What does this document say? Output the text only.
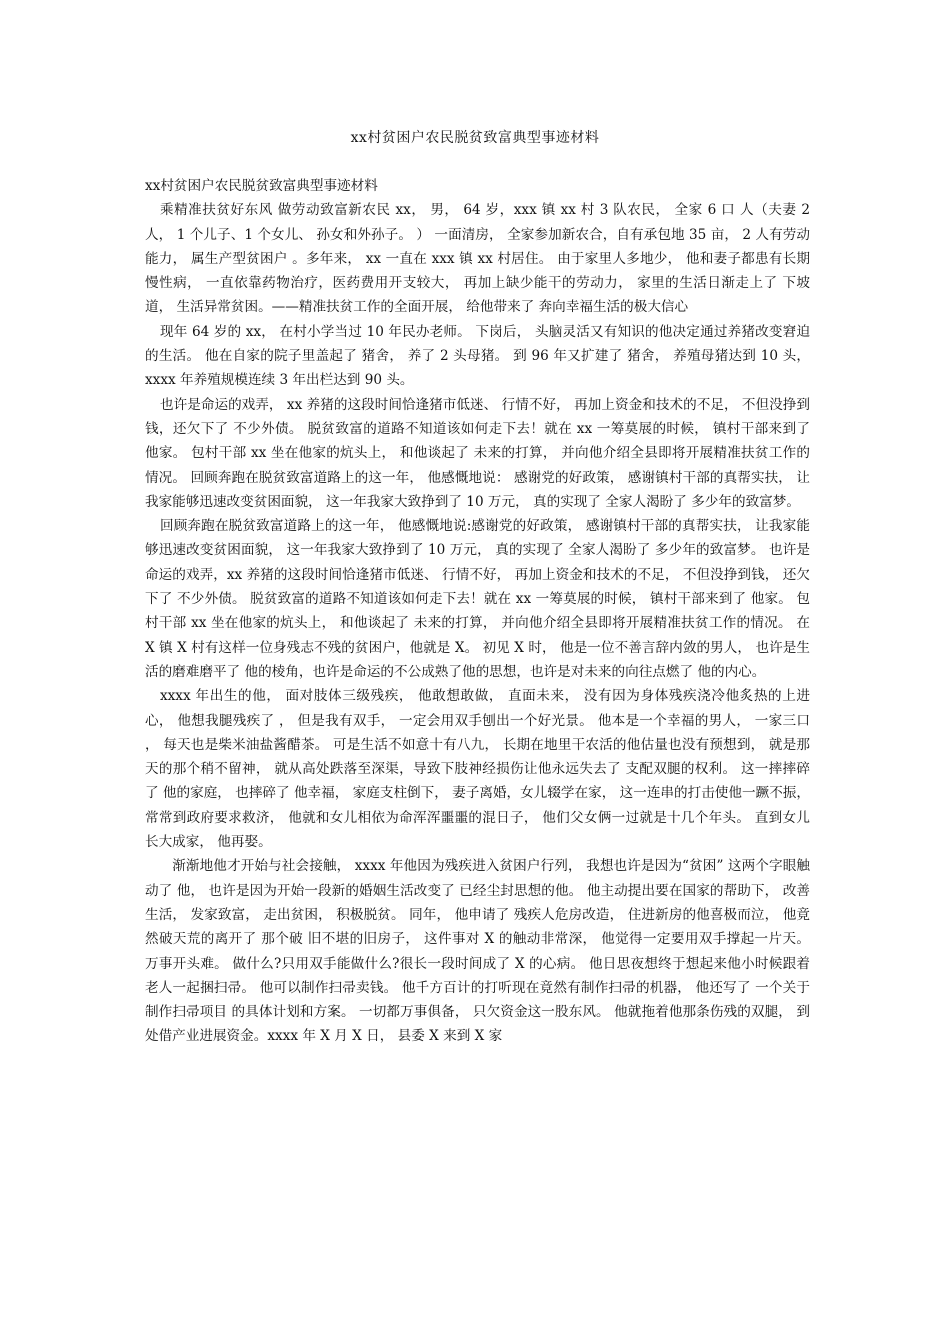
xx村贫困户农民脱贫致富典型事迹材料

xx村贫困户农民脱贫致富典型事迹材料

乘精准扶贫好东风 做劳动致富新农民 xx， 男， 64 岁，xxx 镇 xx 村 3 队农民， 全家 6 口 人（夫妻 2 人， 1 个儿子、1 个女儿、 孙女和外孙子。 ） 一面清房， 全家参加新农合，自有承包地 35 亩， 2 人有劳动能力， 属生产型贫困户 。多年来， xx 一直在 xxx 镇 xx 村居住。 由于家里人多地少， 他和妻子都患有长期慢性病， 一直依靠药物治疗，医药费用开支较大， 再加上缺少能干的劳动力， 家里的生活日渐走上了 下坡道， 生活异常贫困。——精准扶贫工作的全面开展， 给他带来了 奔向幸福生活的极大信心

现年 64 岁的 xx， 在村小学当过 10 年民办老师。 下岗后， 头脑灵活又有知识的他决定通过养猪改变窘迫的生活。 他在自家的院子里盖起了 猪舍， 养了 2 头母猪。 到 96 年又扩建了 猪舍， 养殖母猪达到 10 头， xxxx 年养殖规模连续 3 年出栏达到 90 头。

也许是命运的戏弄， xx 养猪的这段时间恰逢猪市低迷、 行情不好， 再加上资金和技术的不足， 不但没挣到钱，还欠下了 不少外债。 脱贫致富的道路不知道该如何走下去！就在 xx 一筹莫展的时候， 镇村干部来到了 他家。 包村干部 xx 坐在他家的炕头上， 和他谈起了 未来的打算， 并向他介绍全县即将开展精准扶贫工作的情况。 回顾奔跑在脱贫致富道路上的这一年， 他感慨地说： 感谢党的好政策， 感谢镇村干部的真帮实扶， 让我家能够迅速改变贫困面貌， 这一年我家大致挣到了 10 万元， 真的实现了 全家人渴盼了 多少年的致富梦。

回顾奔跑在脱贫致富道路上的这一年， 他感慨地说:感谢党的好政策， 感谢镇村干部的真帮实扶， 让我家能够迅速改变贫困面貌， 这一年我家大致挣到了 10 万元， 真的实现了 全家人渴盼了 多少年的致富梦。 也许是命运的戏弄，xx 养猪的这段时间恰逢猪市低迷、 行情不好， 再加上资金和技术的不足， 不但没挣到钱， 还欠下了 不少外债。 脱贫致富的道路不知道该如何走下去！就在 xx 一筹莫展的时候， 镇村干部来到了 他家。 包村干部 xx 坐在他家的炕头上， 和他谈起了 未来的打算， 并向他介绍全县即将开展精准扶贫工作的情况。 在 X 镇 X 村有这样一位身残志不残的贫困户，他就是 X。 初见 X 时， 他是一位不善言辞内敛的男人， 也许是生活的磨难磨平了 他的棱角，也许是命运的不公成熟了他的思想，也许是对未来的向往点燃了 他的内心。

xxxx 年出生的他， 面对肢体三级残疾， 他敢想敢做， 直面未来， 没有因为身体残疾浇冷他炙热的上进心， 他想我腿残疾了 ， 但是我有双手， 一定会用双手刨出一个好光景。 他本是一个幸福的男人， 一家三口 ， 每天也是柴米油盐酱醋茶。 可是生活不如意十有八九， 长期在地里干农活的他估量也没有预想到， 就是那天的那个稍不留神， 就从高处跌落至深渠，导致下肢神经损伤让他永远失去了 支配双腿的权利。 这一摔摔碎了 他的家庭， 也摔碎了 他幸福， 家庭支柱倒下， 妻子离婚，女儿辍学在家， 这一连串的打击使他一蹶不振， 常常到政府要求救济， 他就和女儿相依为命浑浑噩噩的混日子， 他们父女俩一过就是十几个年头。 直到女儿长大成家， 他再娶。

渐渐地他才开始与社会接触， xxxx 年他因为残疾进入贫困户行列， 我想也许是因为“贫困” 这两个字眼触动了 他， 也许是因为开始一段新的婚姻生活改变了 已经尘封思想的他。 他主动提出要在国家的帮助下， 改善生活， 发家致富， 走出贫困， 积极脱贫。 同年， 他申请了 残疾人危房改造， 住进新房的他喜极而泣， 他竟然破天荒的离开了 那个破 旧不堪的旧房子， 这件事对 X 的触动非常深， 他觉得一定要用双手撑起一片天。 万事开头难。 做什么?只用双手能做什么?很长一段时间成了 X 的心病。 他日思夜想终于想起来他小时候跟着老人一起捆扫帚。 他可以制作扫帚卖钱。 他千方百计的打听现在竟然有制作扫帚的机器， 他还写了 一个关于制作扫帚项目 的具体计划和方案。 一切都万事俱备， 只欠资金这一股东风。 他就拖着他那条伤残的双腿， 到处借产业进展资金。xxxx 年 X 月 X 日， 县委 X 来到 X 家
